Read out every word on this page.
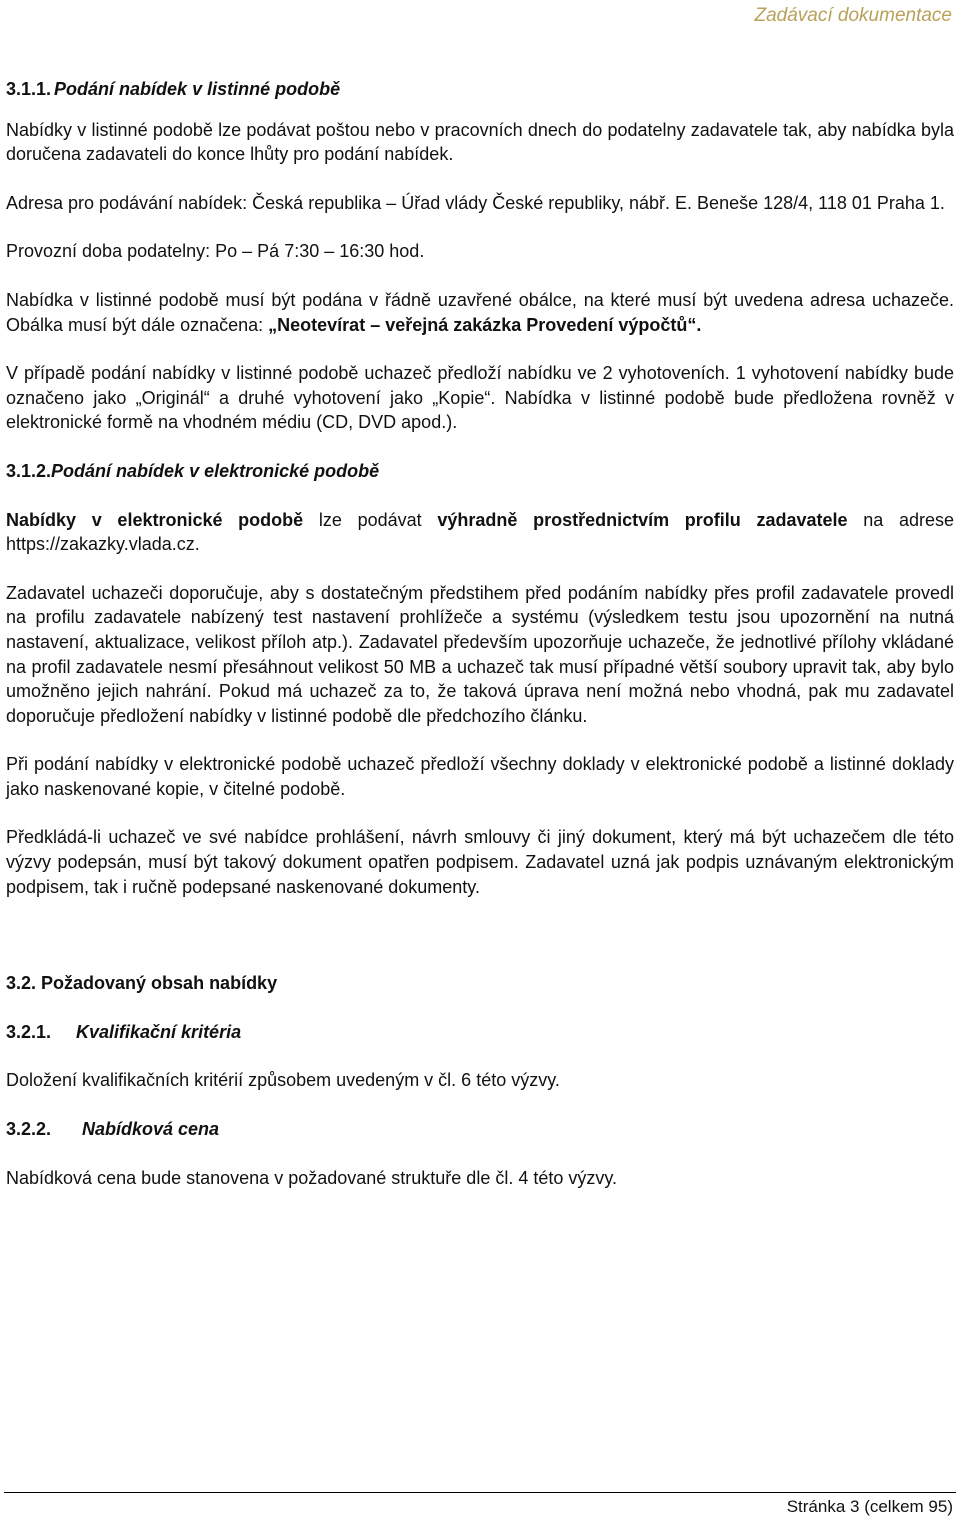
Zadávací dokumentace
3.1.1. Podání nabídek v listinné podobě

Nabídky v listinné podobě lze podávat poštou nebo v pracovních dnech do podatelny zadavatele tak, aby nabídka byla doručena zadavateli do konce lhůty pro podání nabídek.

Adresa pro podávání nabídek: Česká republika – Úřad vlády České republiky, nábř. E. Beneše 128/4, 118 01 Praha 1.

Provozní doba podatelny: Po – Pá 7:30 – 16:30 hod.

Nabídka v listinné podobě musí být podána v řádně uzavřené obálce, na které musí být uvedena adresa uchazeče. Obálka musí být dále označena: „Neotevírat – veřejná zakázka Provedení výpočtů“.

V případě podání nabídky v listinné podobě uchazeč předloží nabídku ve 2 vyhotoveních. 1 vyhotovení nabídky bude označeno jako „Originál“ a druhé vyhotovení jako „Kopie“. Nabídka v listinné podobě bude předložena rovněž v elektronické formě na vhodném médiu (CD, DVD apod.).

3.1.2.Podání nabídek v elektronické podobě

Nabídky v elektronické podobě lze podávat výhradně prostřednictvím profilu zadavatele na adrese https://zakazky.vlada.cz.

Zadavatel uchazeči doporučuje, aby s dostatečným předstihem před podáním nabídky přes profil zadavatele provedl na profilu zadavatele nabízený test nastavení prohlížeče a systému (výsledkem testu jsou upozornění na nutná nastavení, aktualizace, velikost příloh atp.). Zadavatel především upozorňuje uchazeče, že jednotlivé přílohy vkládané na profil zadavatele nesmí přesáhnout velikost 50 MB a uchazeč tak musí případné větší soubory upravit tak, aby bylo umožněno jejich nahrání. Pokud má uchazeč za to, že taková úprava není možná nebo vhodná, pak mu zadavatel doporučuje předložení nabídky v listinné podobě dle předchozího článku.

Při podání nabídky v elektronické podobě uchazeč předloží všechny doklady v elektronické podobě a listinné doklady jako naskenované kopie, v čitelné podobě.

Předkládá-li uchazeč ve své nabídce prohlášení, návrh smlouvy či jiný dokument, který má být uchazečem dle této výzvy podepsán, musí být takový dokument opatřen podpisem. Zadavatel uzná jak podpis uznávaným elektronickým podpisem, tak i ručně podepsané naskenované dokumenty.

3.2. Požadovaný obsah nabídky
3.2.1. Kvalifikační kritéria

Doložení kvalifikačních kritérií způsobem uvedeným v čl. 6 této výzvy.

3.2.2. Nabídková cena

Nabídková cena bude stanovena v požadované struktuře dle čl. 4 této výzvy.

Stránka 3 (celkem 95)
